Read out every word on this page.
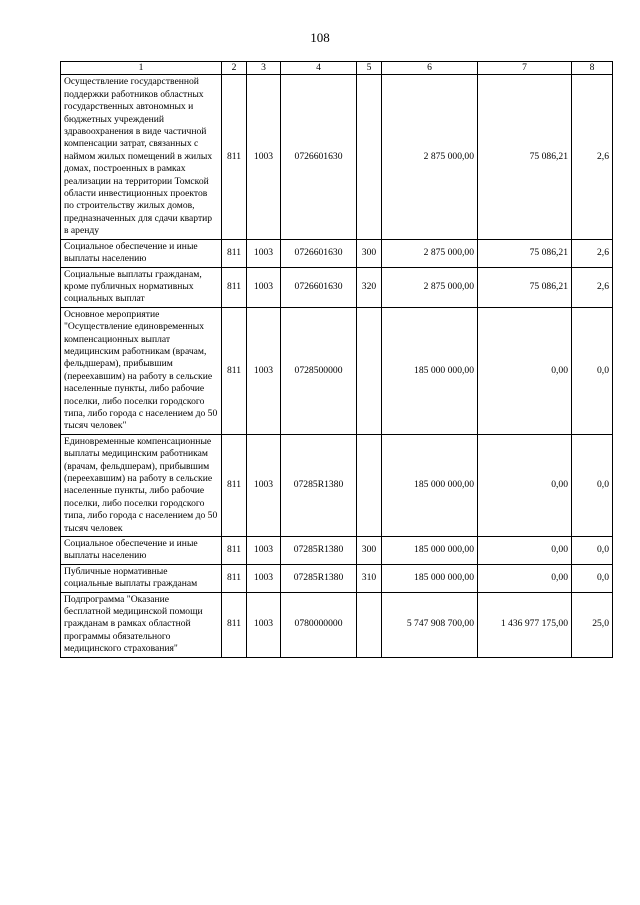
108
1	2	3	4	5	6	7	8
Осуществление государственной поддержки работников областных государственных автономных и бюджетных учреждений здравоохранения в виде частичной компенсации затрат, связанных с наймом жилых помещений в жилых домах, построенных в рамках реализации на территории Томской области инвестиционных проектов по строительству жилых домов, предназначенных для сдачи квартир в аренду	811	1003	0726601630		2 875 000,00	75 086,21	2,6
Социальное обеспечение и иные выплаты населению	811	1003	0726601630	300	2 875 000,00	75 086,21	2,6
Социальные выплаты гражданам, кроме публичных нормативных социальных выплат	811	1003	0726601630	320	2 875 000,00	75 086,21	2,6
Основное мероприятие "Осуществление единовременных компенсационных выплат медицинским работникам (врачам, фельдшерам), прибывшим (переехавшим) на работу в сельские населенные пункты, либо рабочие поселки, либо поселки городского типа, либо города с населением до 50 тысяч человек"	811	1003	0728500000		185 000 000,00	0,00	0,0
Единовременные компенсационные выплаты медицинским работникам (врачам, фельдшерам), прибывшим (переехавшим) на работу в сельские населенные пункты, либо рабочие поселки, либо поселки городского типа, либо города с населением до 50 тысяч человек	811	1003	07285R1380		185 000 000,00	0,00	0,0
Социальное обеспечение и иные выплаты населению	811	1003	07285R1380	300	185 000 000,00	0,00	0,0
Публичные нормативные социальные выплаты гражданам	811	1003	07285R1380	310	185 000 000,00	0,00	0,0
Подпрограмма "Оказание бесплатной медицинской помощи гражданам в рамках областной программы обязательного медицинского страхования"	811	1003	0780000000		5 747 908 700,00	1 436 977 175,00	25,0
